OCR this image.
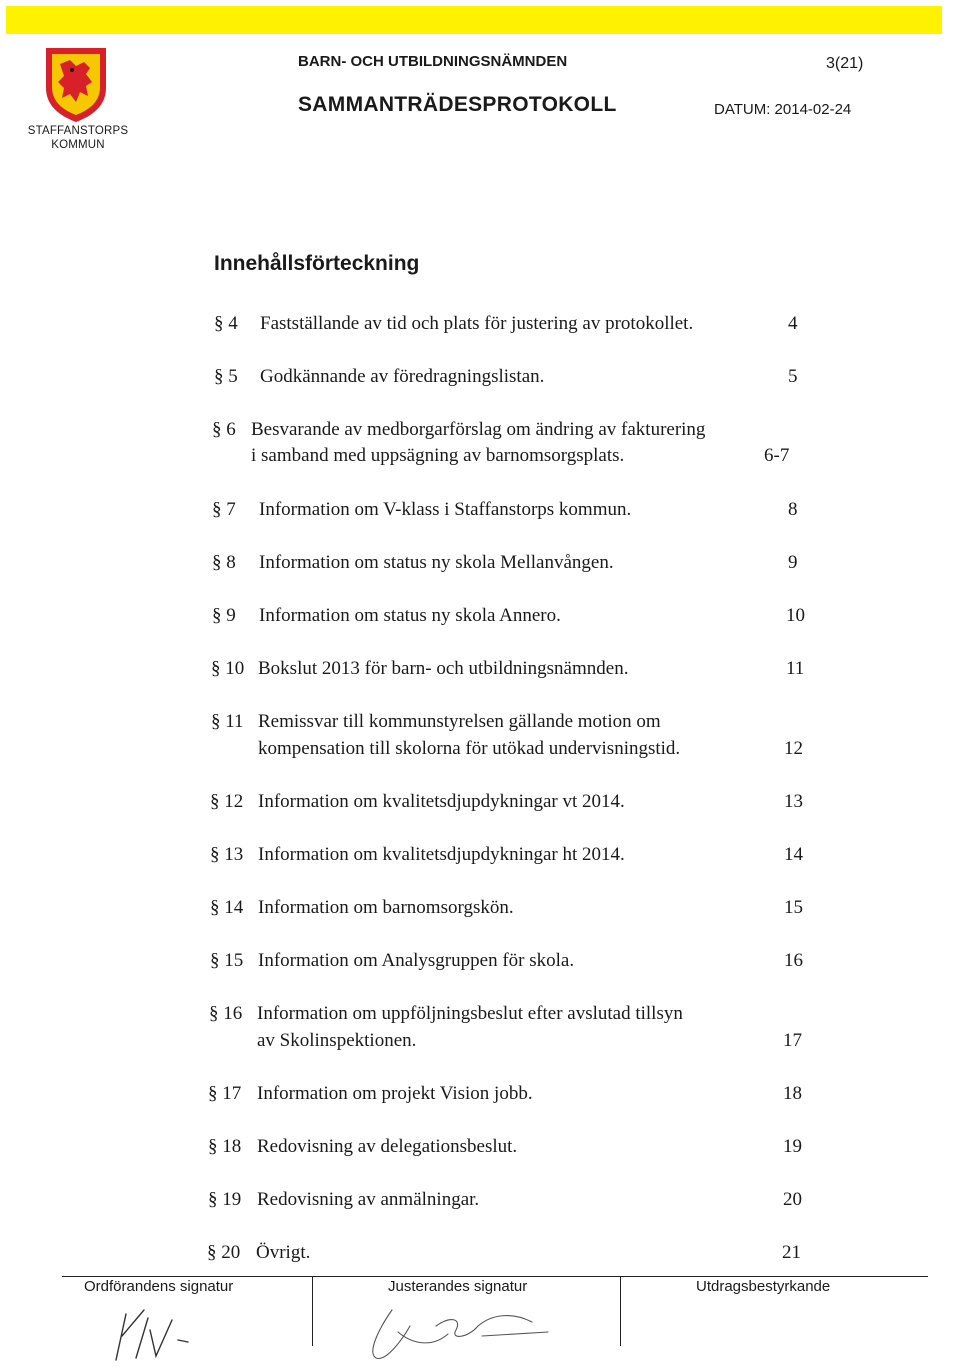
STAFFANSTORPS
KOMMUN
BARN- OCH UTBILDNINGSNÄMNDEN	3(21)
SAMMANTRÄDESPROTOKOLL	DATUM: 2014-02-24
Innehållsförteckning
§ 4 Fastställande av tid och plats för justering av protokollet.	4
§ 5 Godkännande av föredragningslistan.	5
§ 6 Besvarande av medborgarförslag om ändring av fakturering
i samband med uppsägning av barnomsorgsplats.	6-7
§ 7 Information om V-klass i Staffanstorps kommun.	8
§ 8 Information om status ny skola Mellanvången.	9
§ 9 Information om status ny skola Annero.	10
§ 10 Bokslut 2013 för barn- och utbildningsnämnden.	11
§ 11 Remissvar till kommunstyrelsen gällande motion om
kompensation till skolorna för utökad undervisningstid.	12
§ 12 Information om kvalitetsdjupdykningar vt 2014.	13
§ 13 Information om kvalitetsdjupdykningar ht 2014.	14
§ 14 Information om barnomsorgskön.	15
§ 15 Information om Analysgruppen för skola.	16
§ 16 Information om uppföljningsbeslut efter avslutad tillsyn
av Skolinspektionen.	17
§ 17 Information om projekt Vision jobb.	18
§ 18 Redovisning av delegationsbeslut.	19
§ 19 Redovisning av anmälningar.	20
§ 20 Övrigt.	21
Ordförandens signatur	Justerandes signatur	Utdragsbestyrkande
